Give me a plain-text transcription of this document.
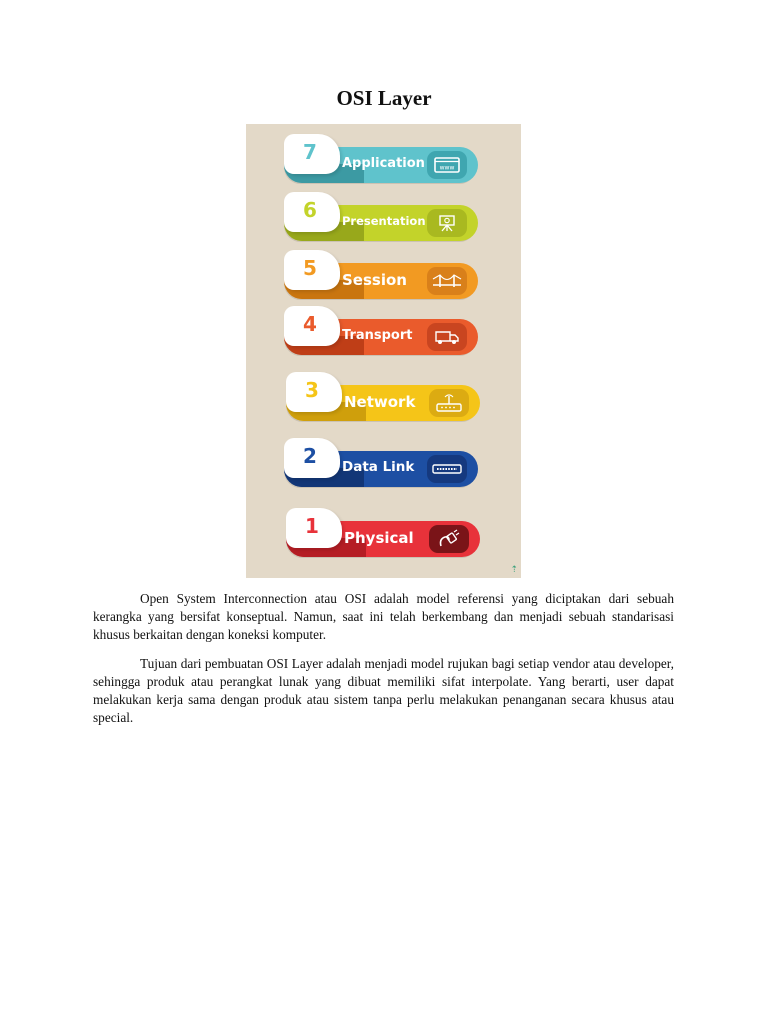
OSI Layer
Application www
7
Presentation
6
Session
5
Transport
4
Network
3
Data Link
2
Physical
1
⇡

Open System Interconnection atau OSI adalah model referensi yang diciptakan dari sebuah kerangka yang bersifat konseptual. Namun, saat ini telah berkembang dan menjadi sebuah standarisasi khusus berkaitan dengan koneksi komputer.

Tujuan dari pembuatan OSI Layer adalah menjadi model rujukan bagi setiap vendor atau developer, sehingga produk atau perangkat lunak yang dibuat memiliki sifat interpolate. Yang berarti, user dapat melakukan kerja sama dengan produk atau sistem tanpa perlu melakukan penanganan secara khusus atau special.
